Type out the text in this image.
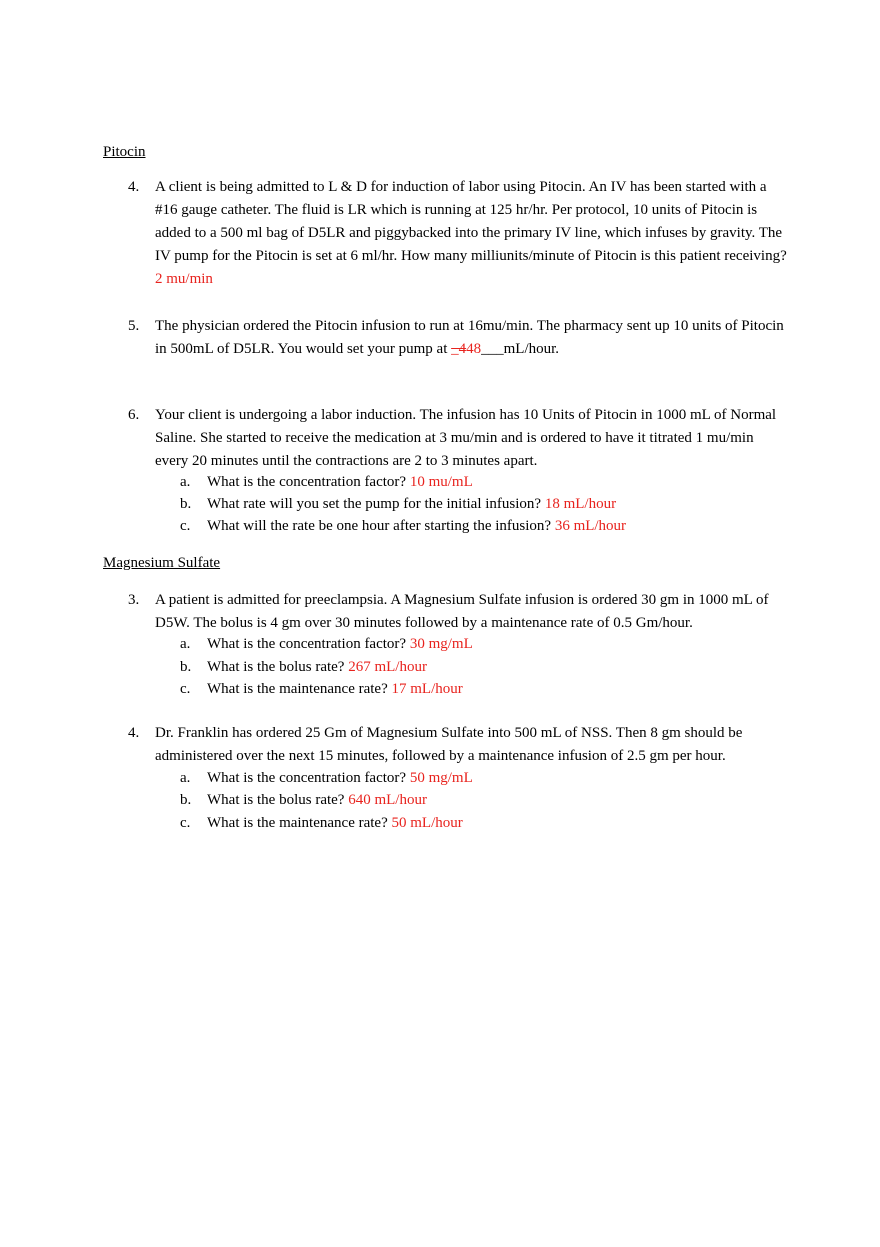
Pitocin
4.	A client is being admitted to L & D for induction of labor using Pitocin. An IV has been started with a #16 gauge catheter. The fluid is LR which is running at 125 hr/hr. Per protocol, 10 units of Pitocin is added to a 500 ml bag of D5LR and piggybacked into the primary IV line, which infuses by gravity. The IV pump for the Pitocin is set at 6 ml/hr. How many milliunits/minute of Pitocin is this patient receiving? 2 mu/min
5.	The physician ordered the Pitocin infusion to run at 16mu/min. The pharmacy sent up 10 units of Pitocin in 500mL of D5LR. You would set your pump at _448___mL/hour.
6.	Your client is undergoing a labor induction. The infusion has 10 Units of Pitocin in 1000 mL of Normal Saline. She started to receive the medication at 3 mu/min and is ordered to have it titrated 1 mu/min every 20 minutes until the contractions are 2 to 3 minutes apart.
a. What is the concentration factor? 10 mu/mL
b. What rate will you set the pump for the initial infusion? 18 mL/hour
c. What will the rate be one hour after starting the infusion? 36 mL/hour
Magnesium Sulfate
3.	A patient is admitted for preeclampsia. A Magnesium Sulfate infusion is ordered 30 gm in 1000 mL of D5W. The bolus is 4 gm over 30 minutes followed by a maintenance rate of 0.5 Gm/hour.
a. What is the concentration factor? 30 mg/mL
b. What is the bolus rate? 267 mL/hour
c. What is the maintenance rate? 17 mL/hour
4.	Dr. Franklin has ordered 25 Gm of Magnesium Sulfate into 500 mL of NSS. Then 8 gm should be administered over the next 15 minutes, followed by a maintenance infusion of 2.5 gm per hour.
a. What is the concentration factor? 50 mg/mL
b. What is the bolus rate? 640 mL/hour
c. What is the maintenance rate? 50 mL/hour
